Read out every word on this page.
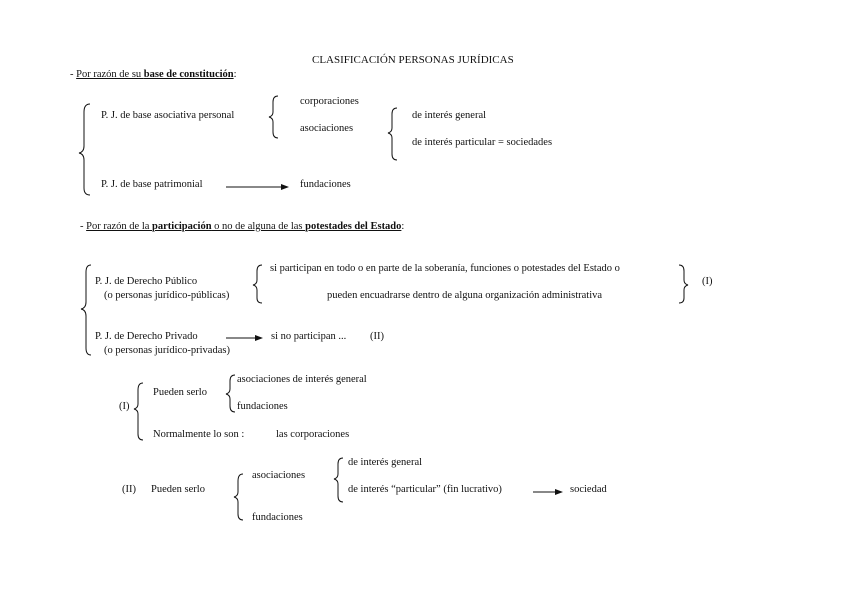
CLASIFICACIÓN PERSONAS JURÍDICAS
- Por razón de su base de constitución:
P. J. de base asociativa personal
corporaciones
asociaciones
de interés general
de interés particular = sociedades
P. J. de base patrimonial	fundaciones
- Por razón de la participación o no de alguna de las potestades del Estado:
P. J. de Derecho Público
(o personas jurídico-públicas)
si participan en todo o en parte de la soberanía, funciones o potestades del Estado o
pueden encuadrarse dentro de alguna organización administrativa
(I)
P. J. de Derecho Privado
(o personas jurídico-privadas)
si no participan ... (II)
(I)
Pueden serlo
asociaciones de interés general
fundaciones
Normalmente lo son :	las corporaciones
(II) Pueden serlo
asociaciones
fundaciones
de interés general
de interés “particular” (fin lucrativo)	sociedad
